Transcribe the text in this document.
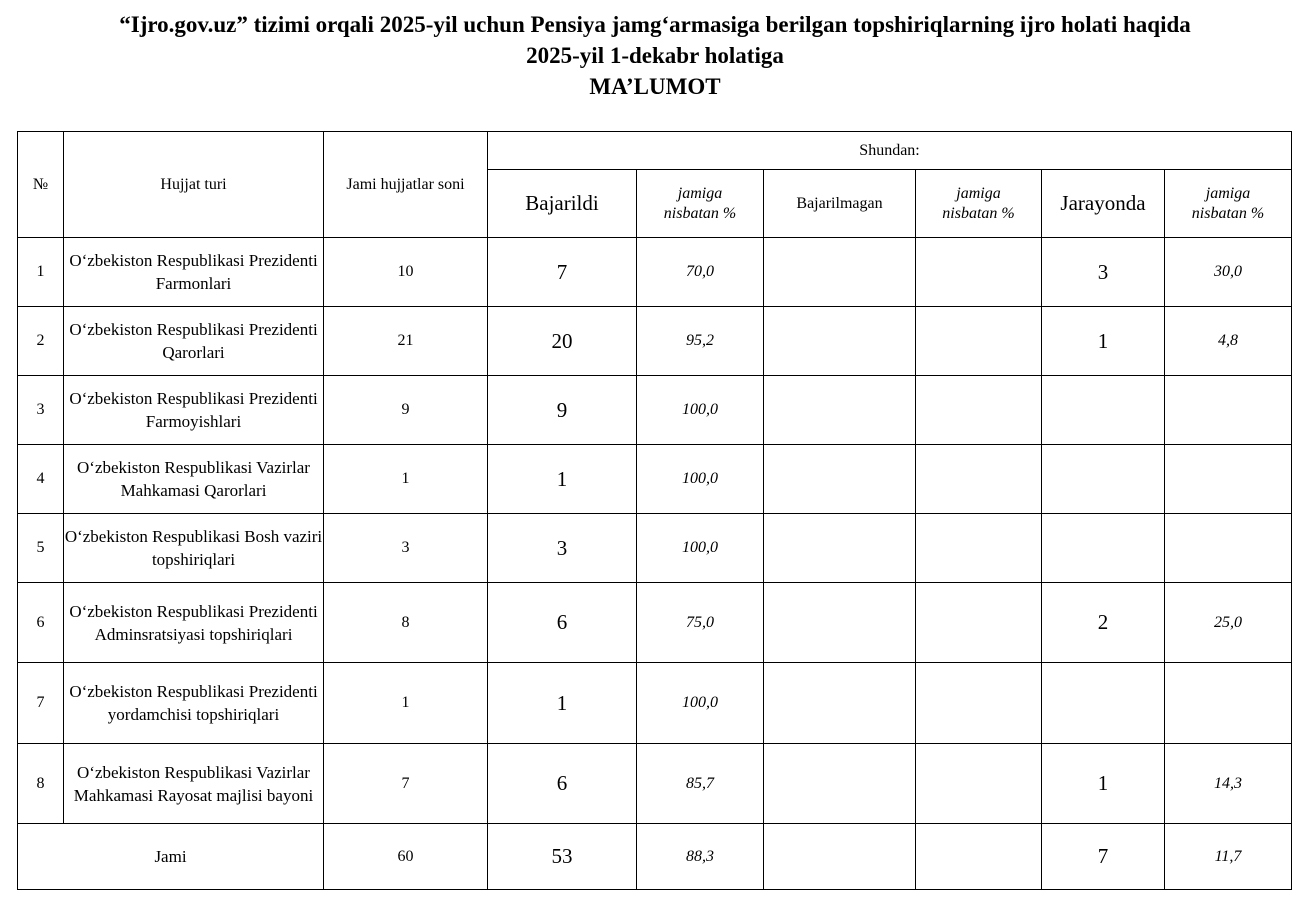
“Ijro.gov.uz” tizimi orqali 2025-yil uchun Pensiya jamg‘armasiga berilgan topshiriqlarning ijro holati haqida
2025-yil 1-dekabr holatiga
MA’LUMOT
№	Hujjat turi	Jami hujjatlar soni	Shundan:					
			Bajarildi	jamiga nisbatan %	Bajarilmagan	jamiga nisbatan %	Jarayonda	jamiga nisbatan %
1	O‘zbekiston Respublikasi Prezidenti Farmonlari	10	7	70,0			3	30,0
2	O‘zbekiston Respublikasi Prezidenti Qarorlari	21	20	95,2			1	4,8
3	O‘zbekiston Respublikasi Prezidenti Farmoyishlari	9	9	100,0				
4	O‘zbekiston Respublikasi Vazirlar Mahkamasi Qarorlari	1	1	100,0				
5	O‘zbekiston Respublikasi Bosh vaziri topshiriqlari	3	3	100,0				
6	O‘zbekiston Respublikasi Prezidenti Adminsratsiyasi topshiriqlari	8	6	75,0			2	25,0
7	O‘zbekiston Respublikasi Prezidenti yordamchisi topshiriqlari	1	1	100,0				
8	O‘zbekiston Respublikasi Vazirlar Mahkamasi Rayosat majlisi bayoni	7	6	85,7			1	14,3
Jami		60	53	88,3			7	11,7
